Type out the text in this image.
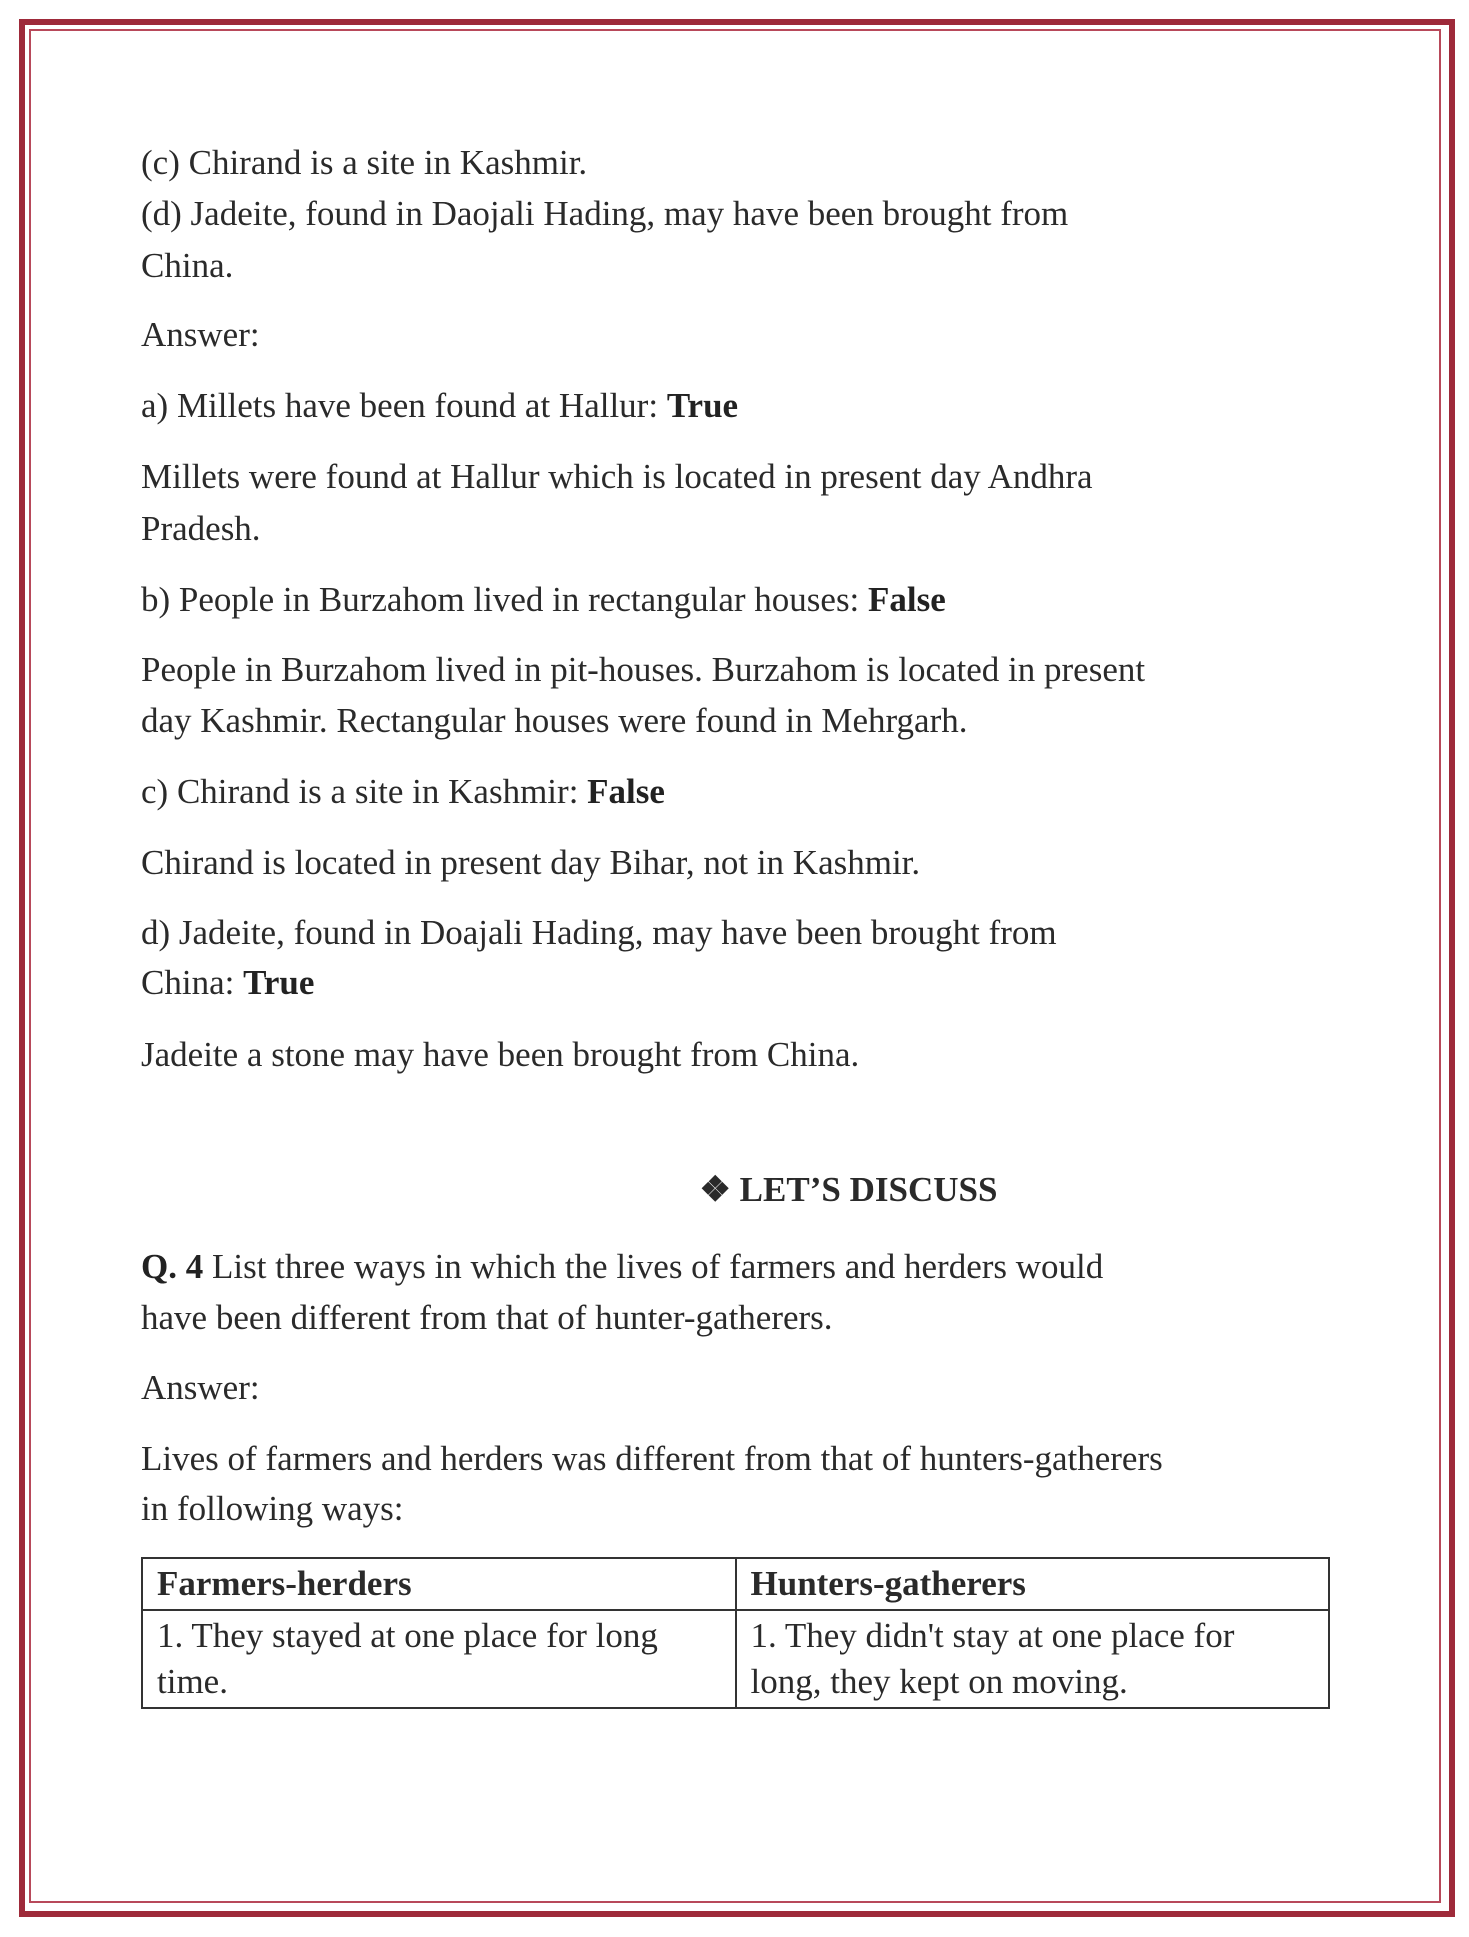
(c) Chirand is a site in Kashmir.
(d) Jadeite, found in Daojali Hading, may have been brought from
China.
Answer:
a) Millets have been found at Hallur: True
Millets were found at Hallur which is located in present day Andhra
Pradesh.
b) People in Burzahom lived in rectangular houses: False
People in Burzahom lived in pit-houses. Burzahom is located in present
day Kashmir. Rectangular houses were found in Mehrgarh.
c) Chirand is a site in Kashmir: False
Chirand is located in present day Bihar, not in Kashmir.
d) Jadeite, found in Doajali Hading, may have been brought from
China: True
Jadeite a stone may have been brought from China.
❖ LET’S DISCUSS
Q. 4 List three ways in which the lives of farmers and herders would
have been different from that of hunter-gatherers.
Answer:
Lives of farmers and herders was different from that of hunters-gatherers
in following ways:
Farmers-herders	Hunters-gatherers
1. They stayed at one place for long time.	1. They didn't stay at one place for long, they kept on moving.
